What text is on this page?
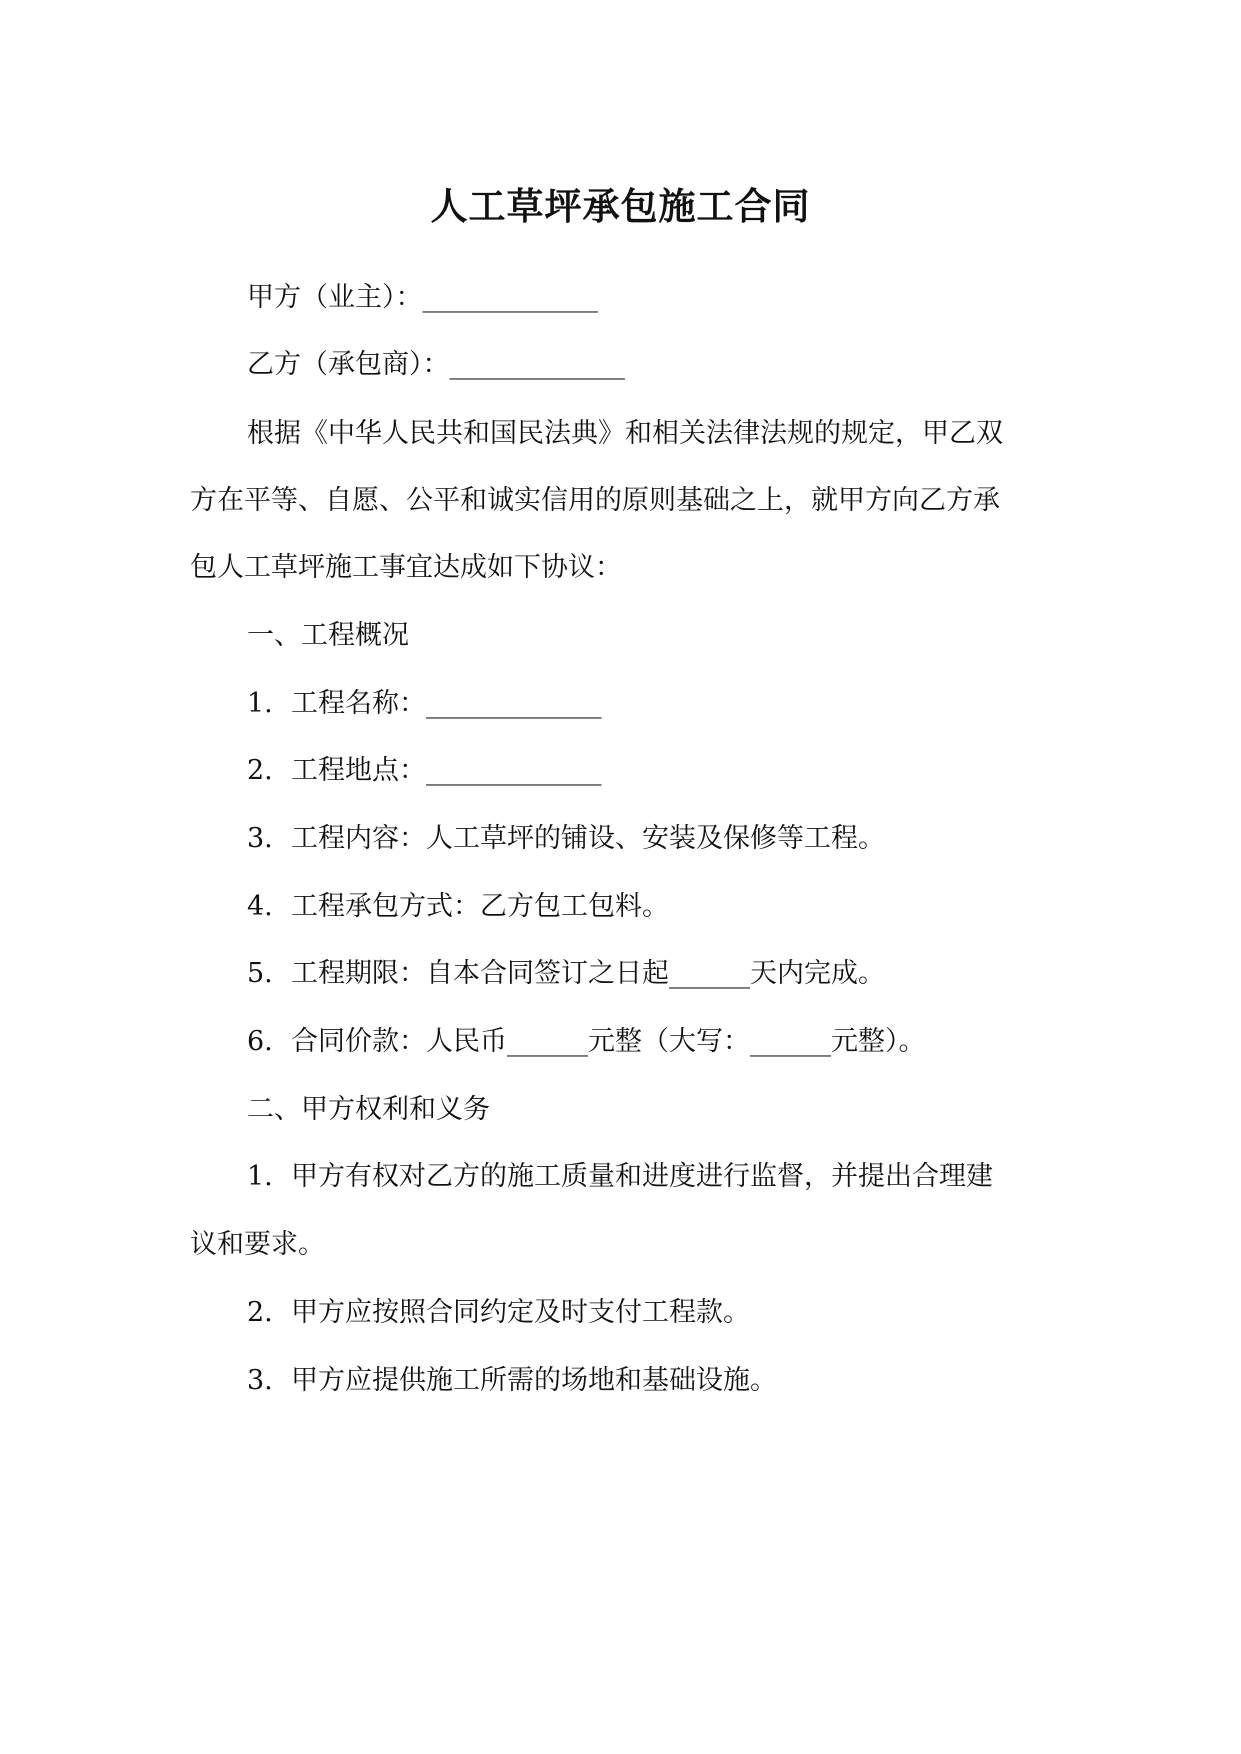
人工草坪承包施工合同

甲方（业主）：_____________

乙方（承包商）：_____________

根据《中华人民共和国民法典》和相关法律法规的规定，甲乙双

方在平等、自愿、公平和诚实信用的原则基础之上，就甲方向乙方承

包人工草坪施工事宜达成如下协议：

一、工程概况

1. 工程名称：_____________

2. 工程地点：_____________

3. 工程内容：人工草坪的铺设、安装及保修等工程。

4. 工程承包方式：乙方包工包料。

5. 工程期限：自本合同签订之日起______天内完成。

6. 合同价款：人民币______元整（大写：______元整）。

二、甲方权利和义务

1. 甲方有权对乙方的施工质量和进度进行监督，并提出合理建

议和要求。

2. 甲方应按照合同约定及时支付工程款。

3. 甲方应提供施工所需的场地和基础设施。
